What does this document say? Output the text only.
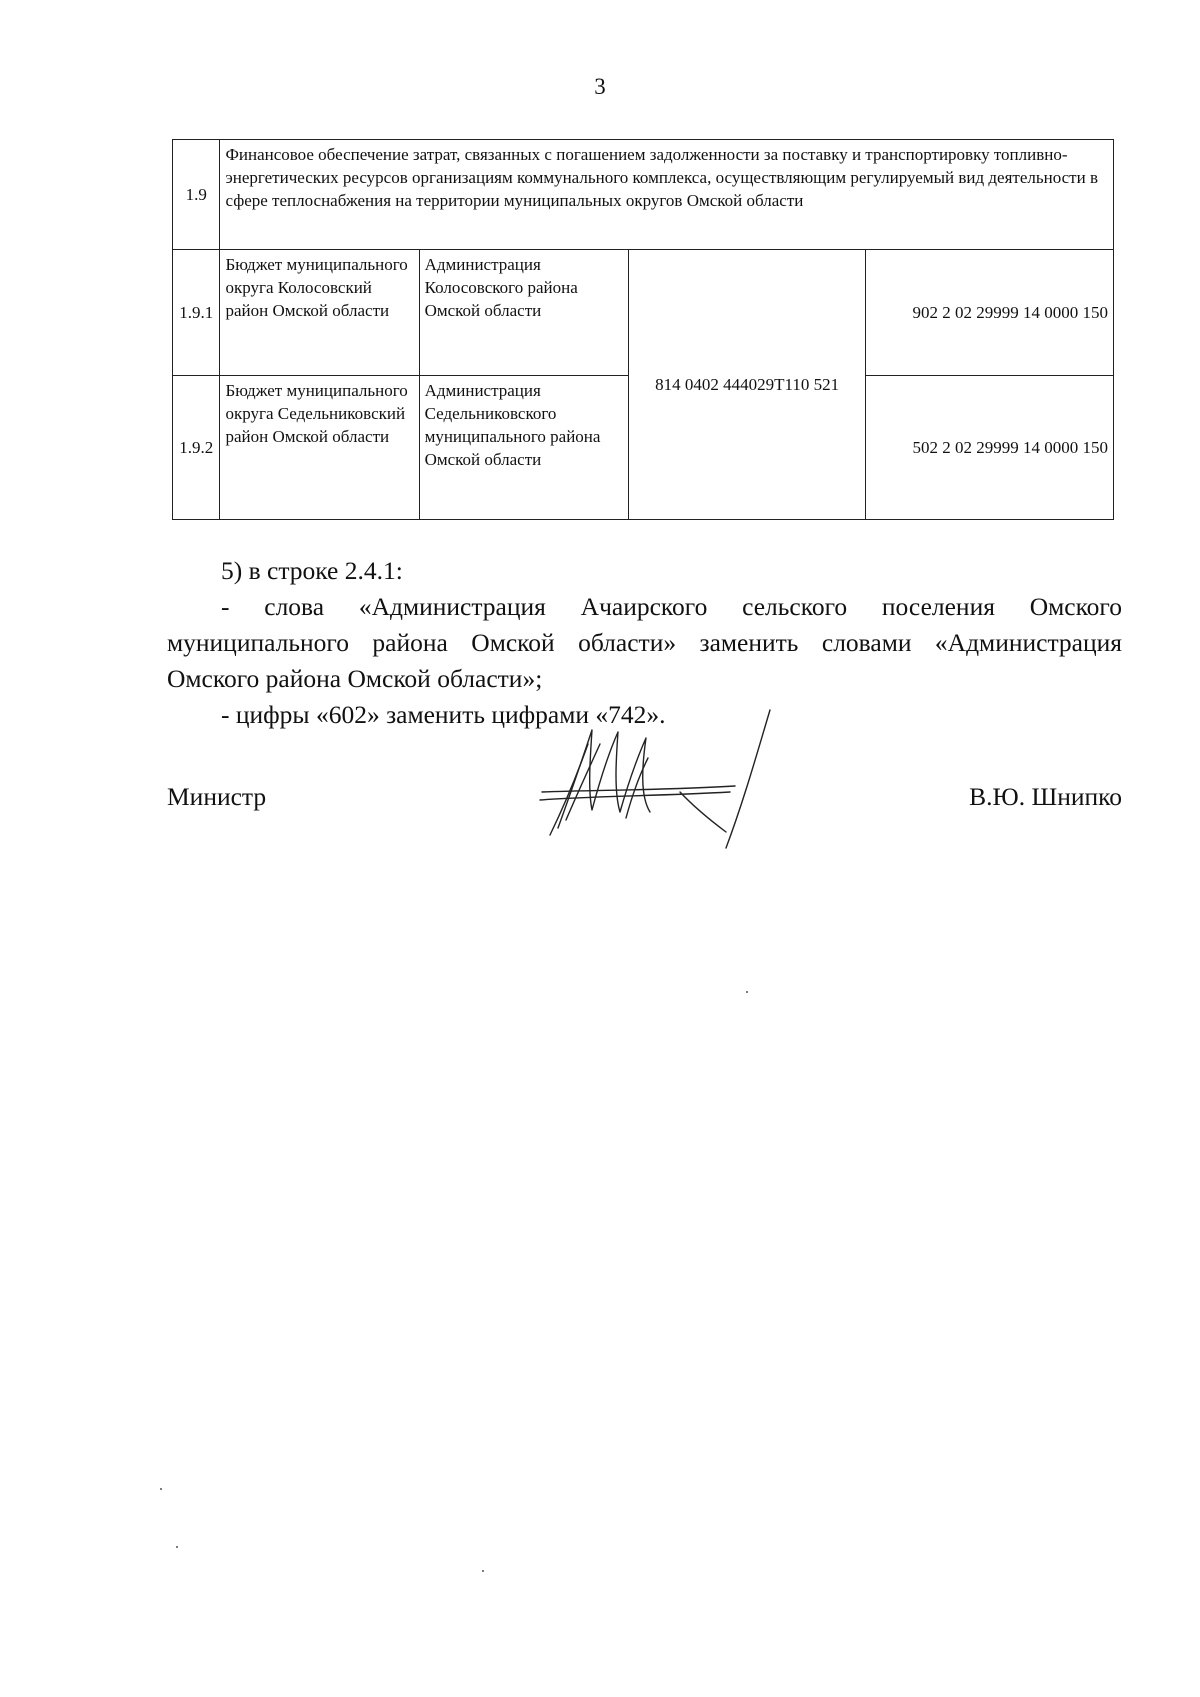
3
1.9	Финансовое обеспечение затрат, связанных с погашением задолженности за поставку и транспортировку топливно-энергетических ресурсов организациям коммунального комплекса, осуществляющим регулируемый вид деятельности в сфере теплоснабжения на территории муниципальных округов Омской области			
1.9.1	Бюджет муниципального округа Колосовский район Омской области	Администрация Колосовского района Омской области	814 0402 444029Т110 521	902 2 02 29999 14 0000 150
1.9.2	Бюджет муниципального округа Седельниковский район Омской области	Администрация Седельниковского муниципального района Омской области		502 2 02 29999 14 0000 150
5) в строке 2.4.1:
- слова «Администрация Ачаирского сельского поселения Омского
муниципального района Омской области» заменить словами «Администрация
Омского района Омской области»;
- цифры «602» заменить цифрами «742».
Министр	В.Ю. Шнипко
